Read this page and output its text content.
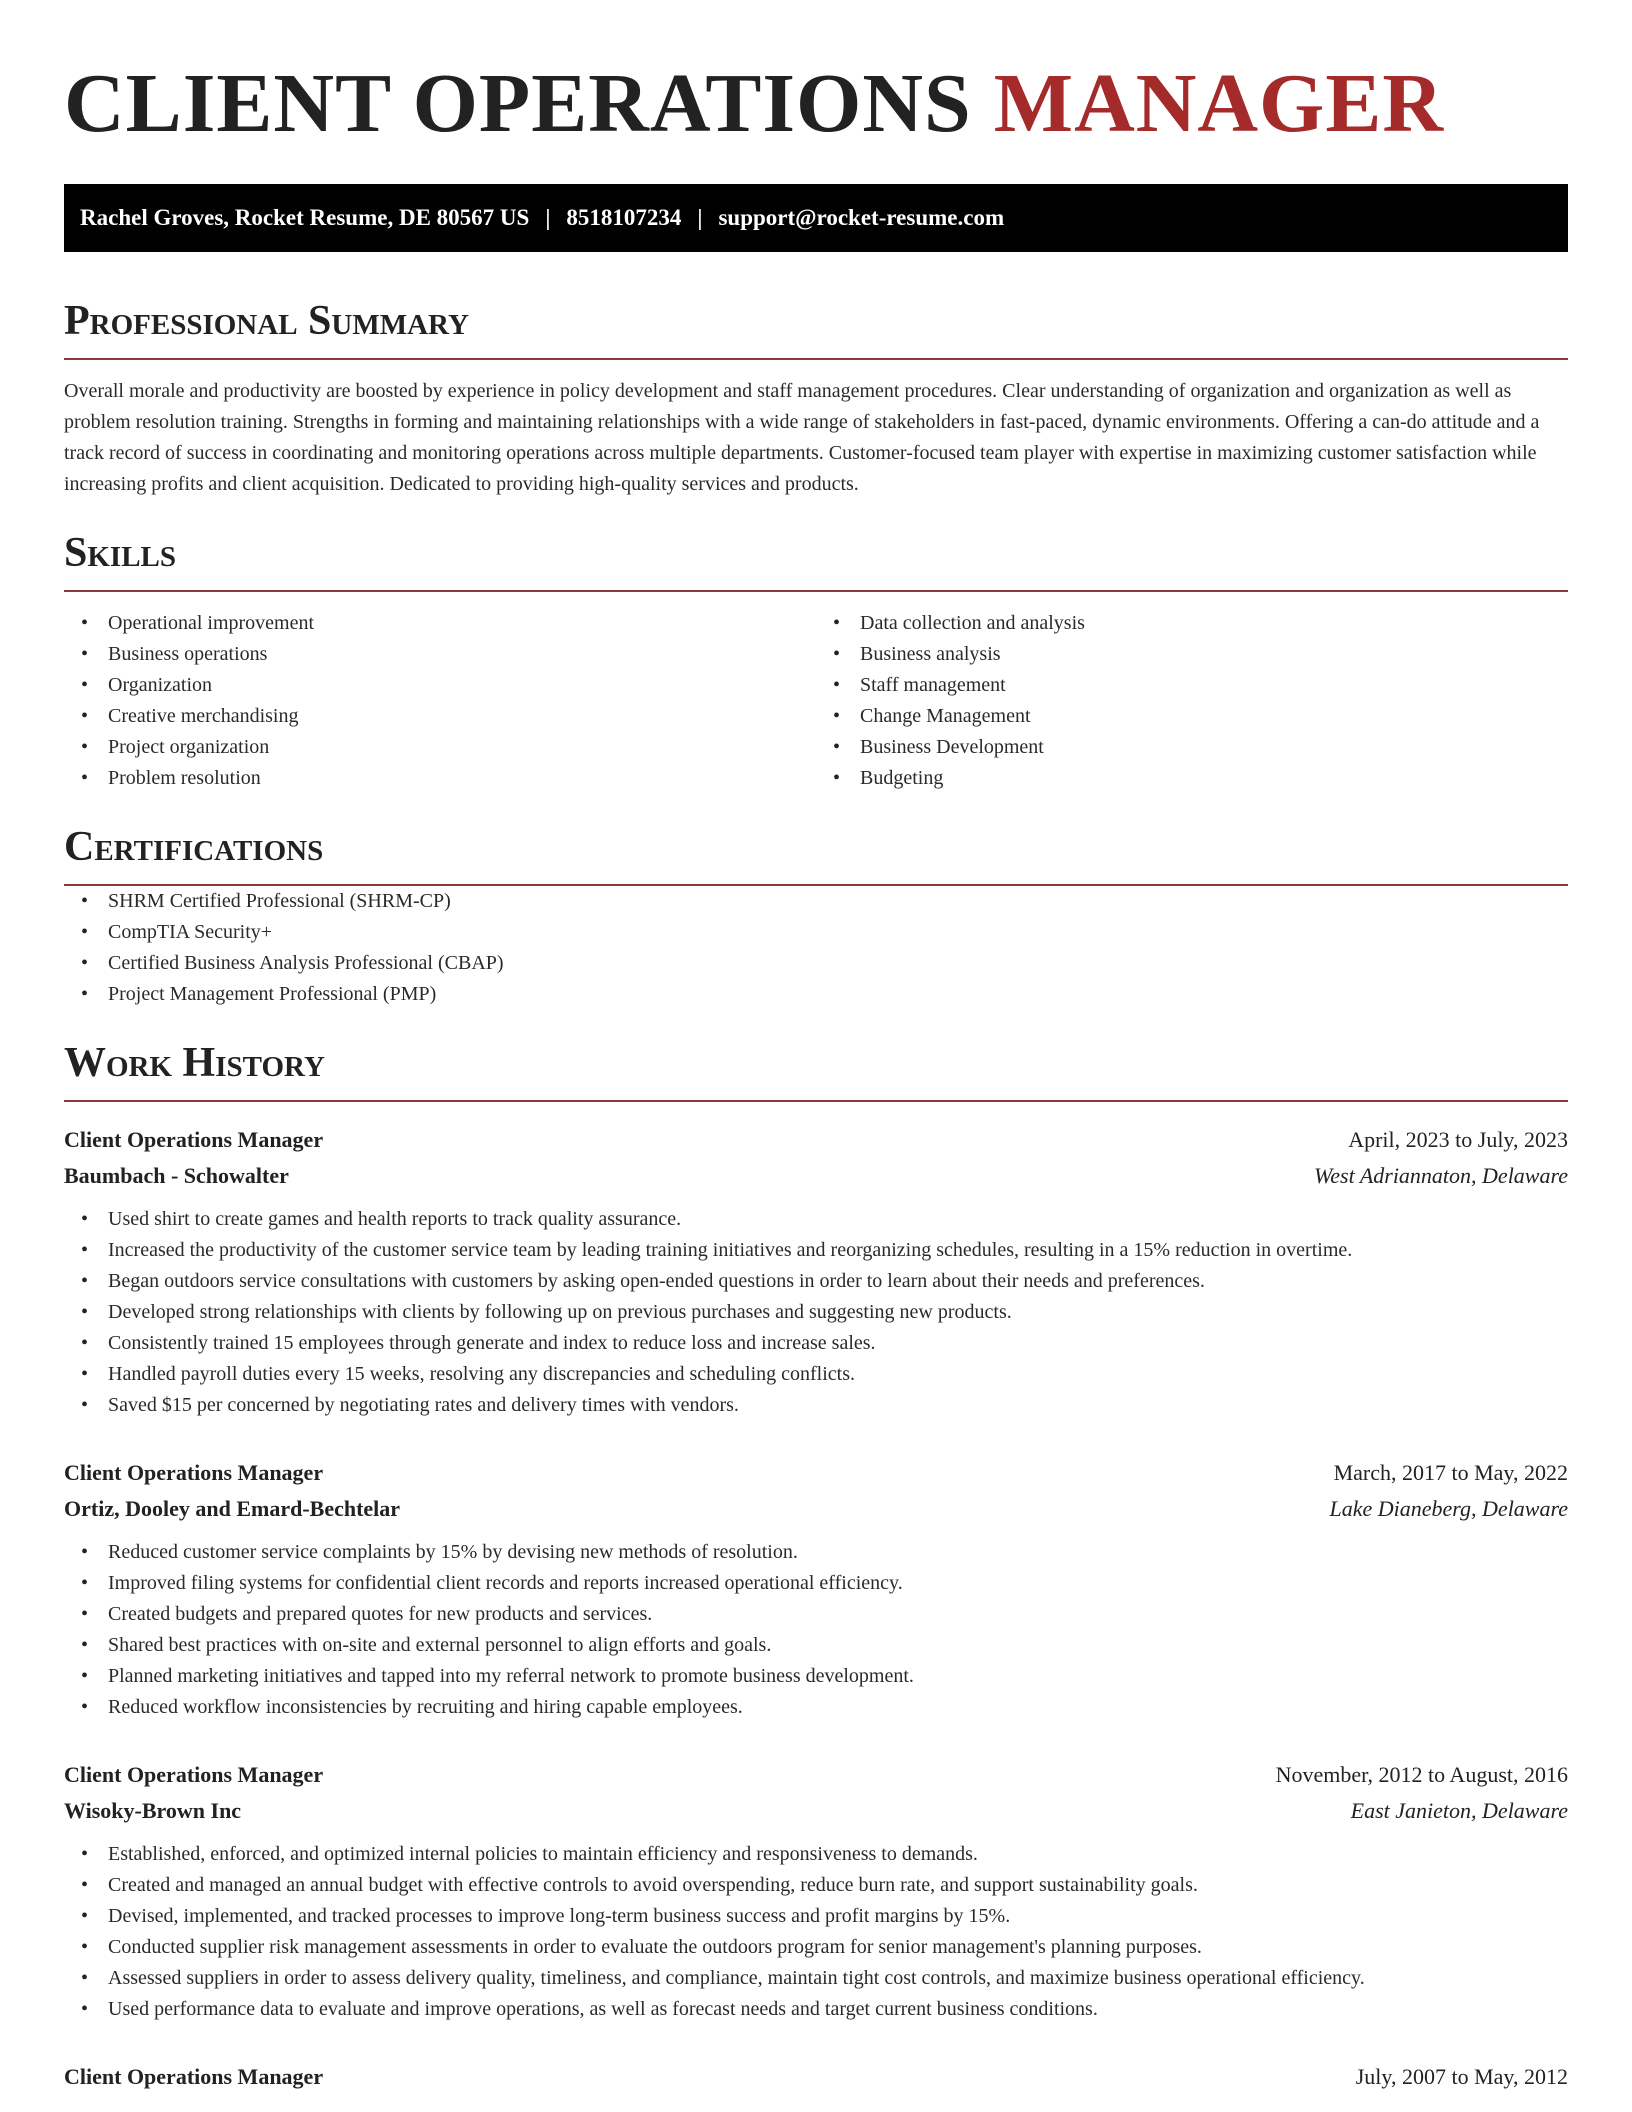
CLIENT OPERATIONS MANAGER
Rachel Groves, Rocket Resume, DE 80567 US | 8518107234 | support@rocket-resume.com
Professional Summary

Overall morale and productivity are boosted by experience in policy development and staff management procedures. Clear understanding of organization and organization as well as problem resolution training. Strengths in forming and maintaining relationships with a wide range of stakeholders in fast-paced, dynamic environments. Offering a can-do attitude and a track record of success in coordinating and monitoring operations across multiple departments. Customer-focused team player with expertise in maximizing customer satisfaction while increasing profits and client acquisition. Dedicated to providing high-quality services and products.

Skills
• Operational improvement
• Business operations
• Organization
• Creative merchandising
• Project organization
• Problem resolution
• Data collection and analysis
• Business analysis
• Staff management
• Change Management
• Business Development
• Budgeting
Certifications
• SHRM Certified Professional (SHRM-CP)
• CompTIA Security+
• Certified Business Analysis Professional (CBAP)
• Project Management Professional (PMP)
Work History
Client Operations Manager	April, 2023 to July, 2023
Baumbach - Schowalter	West Adriannaton, Delaware
• Used shirt to create games and health reports to track quality assurance.
• Increased the productivity of the customer service team by leading training initiatives and reorganizing schedules, resulting in a 15% reduction in overtime.
• Began outdoors service consultations with customers by asking open-ended questions in order to learn about their needs and preferences.
• Developed strong relationships with clients by following up on previous purchases and suggesting new products.
• Consistently trained 15 employees through generate and index to reduce loss and increase sales.
• Handled payroll duties every 15 weeks, resolving any discrepancies and scheduling conflicts.
• Saved $15 per concerned by negotiating rates and delivery times with vendors.
Client Operations Manager	March, 2017 to May, 2022
Ortiz, Dooley and Emard-Bechtelar	Lake Dianeberg, Delaware
• Reduced customer service complaints by 15% by devising new methods of resolution.
• Improved filing systems for confidential client records and reports increased operational efficiency.
• Created budgets and prepared quotes for new products and services.
• Shared best practices with on-site and external personnel to align efforts and goals.
• Planned marketing initiatives and tapped into my referral network to promote business development.
• Reduced workflow inconsistencies by recruiting and hiring capable employees.
Client Operations Manager	November, 2012 to August, 2016
Wisoky-Brown Inc	East Janieton, Delaware
• Established, enforced, and optimized internal policies to maintain efficiency and responsiveness to demands.
• Created and managed an annual budget with effective controls to avoid overspending, reduce burn rate, and support sustainability goals.
• Devised, implemented, and tracked processes to improve long-term business success and profit margins by 15%.
• Conducted supplier risk management assessments in order to evaluate the outdoors program for senior management's planning purposes.
• Assessed suppliers in order to assess delivery quality, timeliness, and compliance, maintain tight cost controls, and maximize business operational efficiency.
• Used performance data to evaluate and improve operations, as well as forecast needs and target current business conditions.
Client Operations Manager	July, 2007 to May, 2012
